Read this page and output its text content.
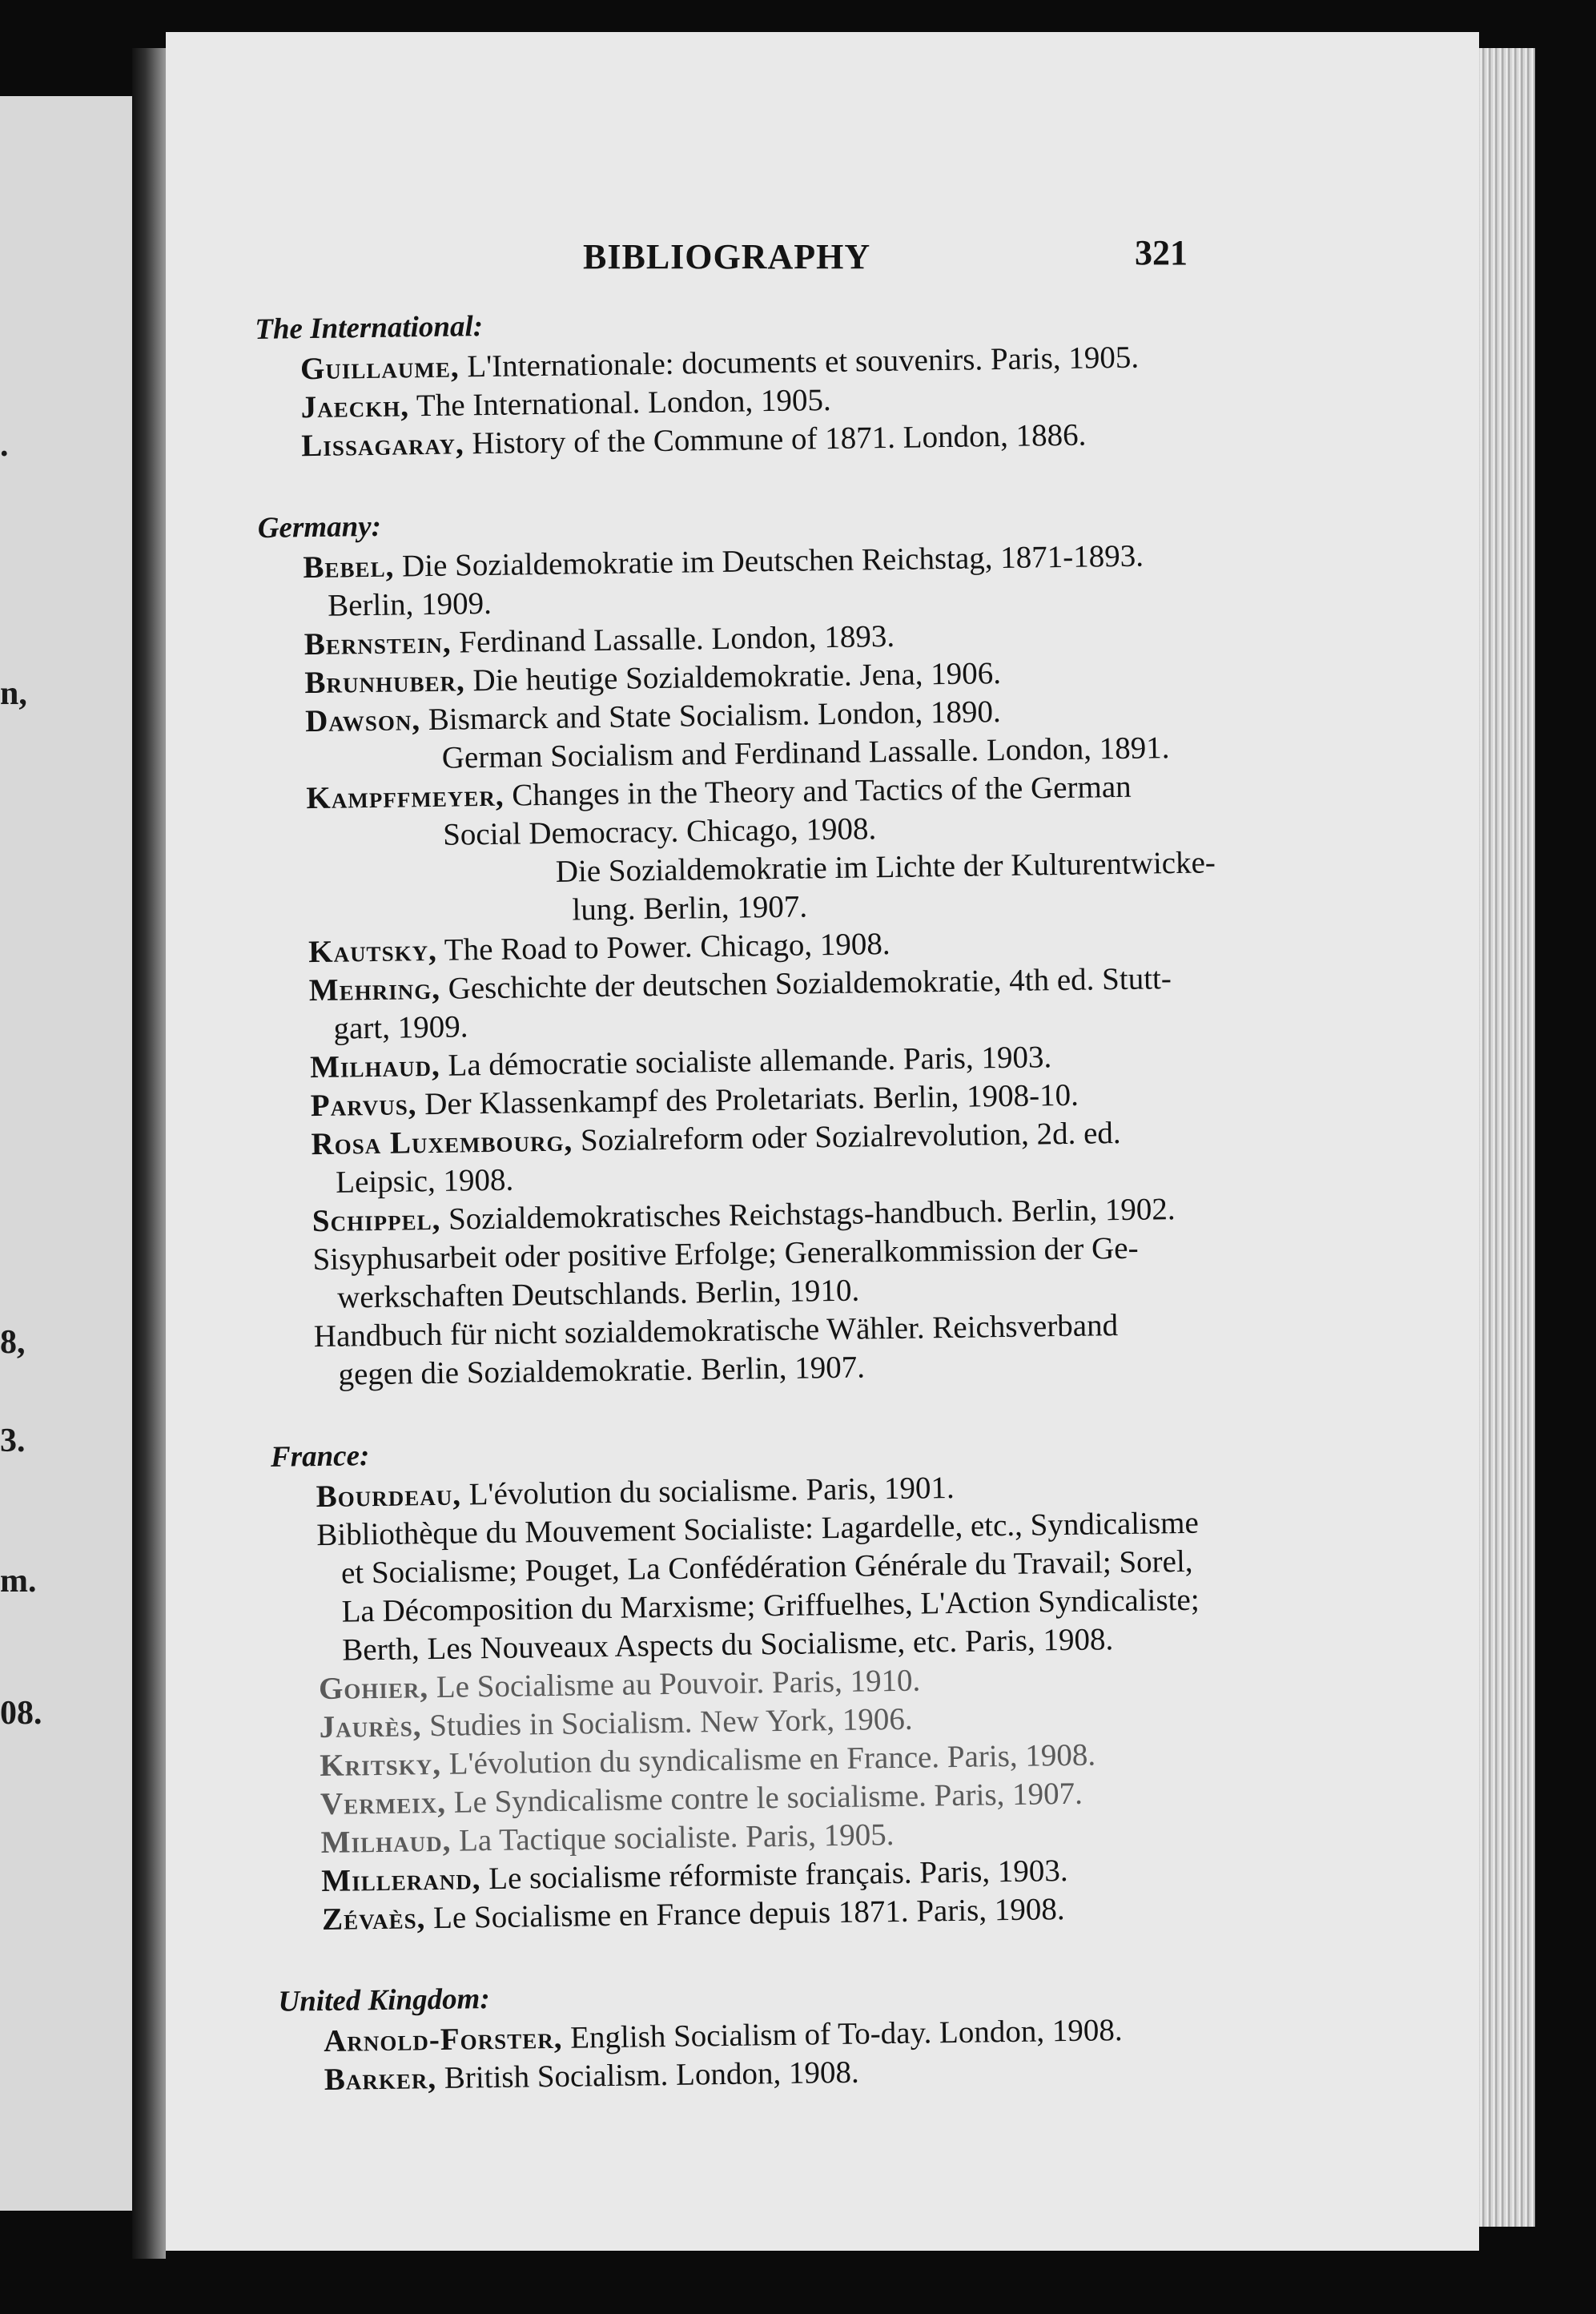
.
n,
8,
3.
m.
08.
BIBLIOGRAPHY	321
The International:
Guillaume, L'Internationale: documents et souvenirs. Paris, 1905.
Jaeckh, The International. London, 1905.
Lissagaray, History of the Commune of 1871. London, 1886.
Germany:
Bebel, Die Sozialdemokratie im Deutschen Reichstag, 1871-1893.
Berlin, 1909.
Bernstein, Ferdinand Lassalle. London, 1893.
Brunhuber, Die heutige Sozialdemokratie. Jena, 1906.
Dawson, Bismarck and State Socialism. London, 1890.
German Socialism and Ferdinand Lassalle. London, 1891.
Kampffmeyer, Changes in the Theory and Tactics of the German
Social Democracy. Chicago, 1908.
Die Sozialdemokratie im Lichte der Kulturentwicke-
lung. Berlin, 1907.
Kautsky, The Road to Power. Chicago, 1908.
Mehring, Geschichte der deutschen Sozialdemokratie, 4th ed. Stutt-
gart, 1909.
Milhaud, La démocratie socialiste allemande. Paris, 1903.
Parvus, Der Klassenkampf des Proletariats. Berlin, 1908-10.
Rosa Luxembourg, Sozialreform oder Sozialrevolution, 2d. ed.
Leipsic, 1908.
Schippel, Sozialdemokratisches Reichstags-handbuch. Berlin, 1902.
Sisyphusarbeit oder positive Erfolge; Generalkommission der Ge-
werkschaften Deutschlands. Berlin, 1910.
Handbuch für nicht sozialdemokratische Wähler. Reichsverband
gegen die Sozialdemokratie. Berlin, 1907.
France:
Bourdeau, L'évolution du socialisme. Paris, 1901.
Bibliothèque du Mouvement Socialiste: Lagardelle, etc., Syndicalisme
et Socialisme; Pouget, La Confédération Générale du Travail; Sorel,
La Décomposition du Marxisme; Griffuelhes, L'Action Syndicaliste;
Berth, Les Nouveaux Aspects du Socialisme, etc. Paris, 1908.
Gohier, Le Socialisme au Pouvoir. Paris, 1910.
Jaurès, Studies in Socialism. New York, 1906.
Kritsky, L'évolution du syndicalisme en France. Paris, 1908.
Vermeix, Le Syndicalisme contre le socialisme. Paris, 1907.
Milhaud, La Tactique socialiste. Paris, 1905.
Millerand, Le socialisme réformiste français. Paris, 1903.
Zévaès, Le Socialisme en France depuis 1871. Paris, 1908.
United Kingdom:
Arnold-Forster, English Socialism of To-day. London, 1908.
Barker, British Socialism. London, 1908.
